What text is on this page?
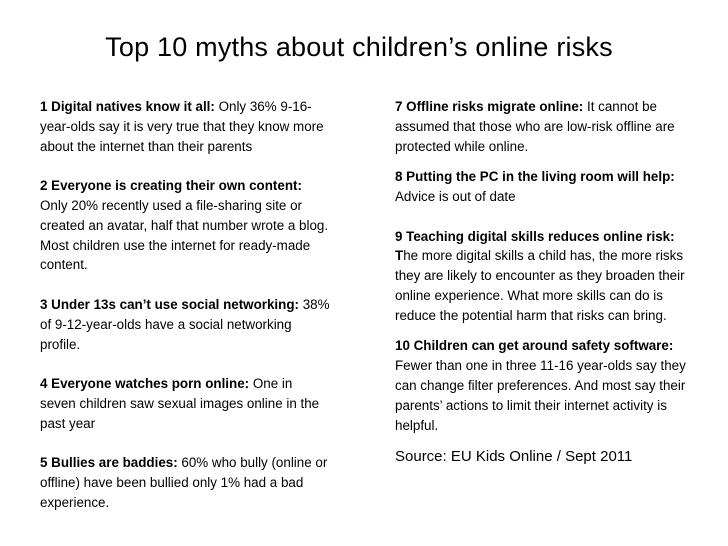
Top 10 myths about children’s online risks
1 Digital natives know it all: Only 36% 9-16-year-olds say it is very true that they know more about the internet than their parents
2 Everyone is creating their own content: Only 20% recently used a file-sharing site or created an avatar, half that number wrote a blog. Most children use the internet for ready-made content.
3 Under 13s can’t use social networking: 38% of 9-12-year-olds have a social networking profile.
4 Everyone watches porn online: One in seven children saw sexual images online in the past year
5 Bullies are baddies: 60% who bully (online or offline) have been bullied only 1% had a bad experience.
7 Offline risks migrate online: It cannot be assumed that those who are low-risk offline are protected while online.
8 Putting the PC in the living room will help: Advice is out of date
9 Teaching digital skills reduces online risk: The more digital skills a child has, the more risks they are likely to encounter as they broaden their online experience. What more skills can do is reduce the potential harm that risks can bring.
10 Children can get around safety software: Fewer than one in three 11-16 year-olds say they can change filter preferences. And most say their parents’ actions to limit their internet activity is helpful.
Source: EU Kids Online / Sept 2011
